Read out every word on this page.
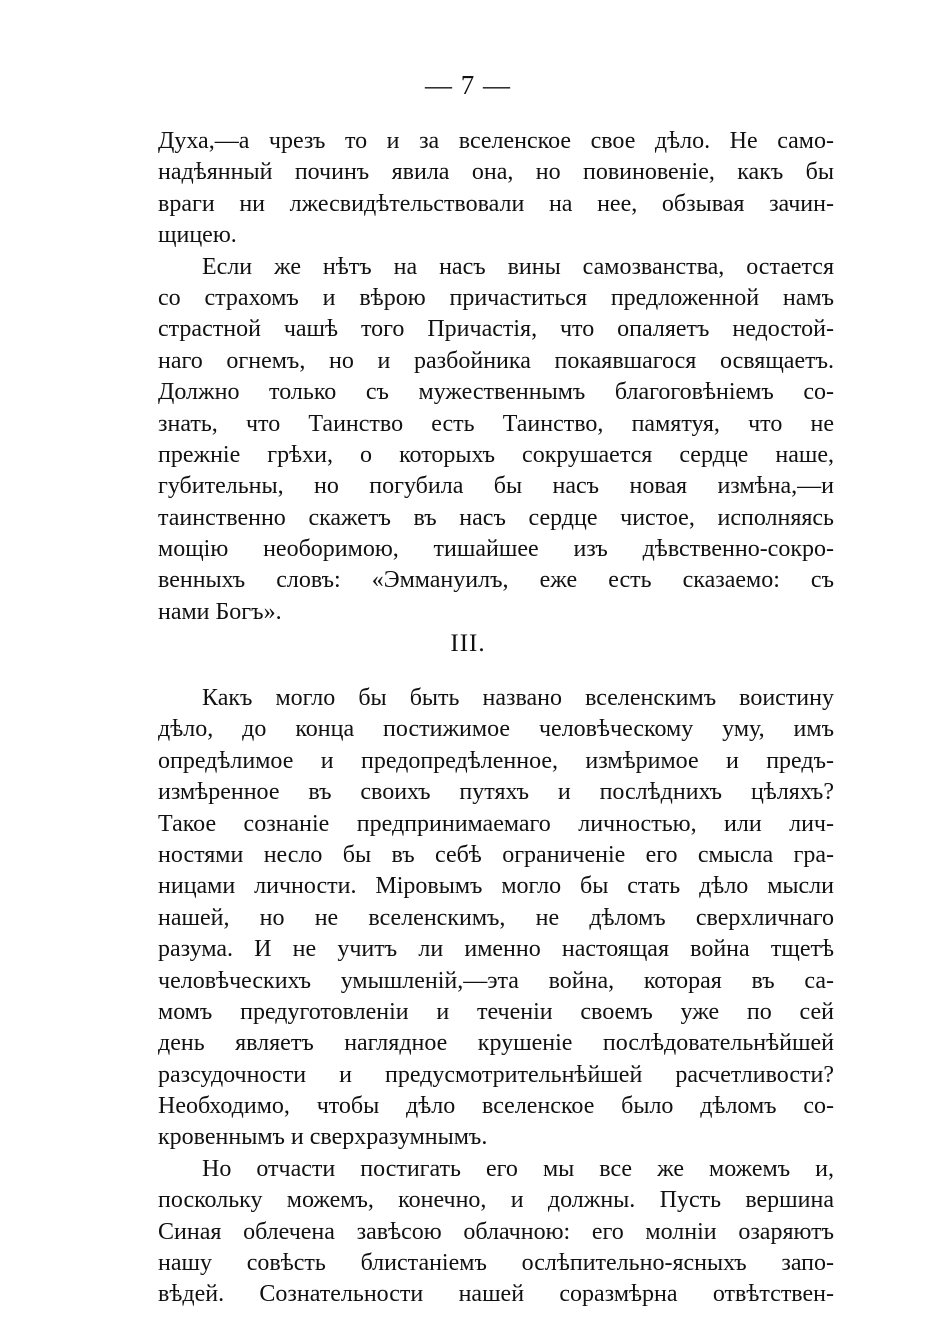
— 7 —
Духа,—а чрезъ то и за вселенское свое дѣло. Не само-
надѣянный починъ явила она, но повиновеніе, какъ бы
враги ни лжесвидѣтельствовали на нее, обзывая зачин-
щицею.
Если же нѣтъ на насъ вины самозванства, остается
со страхомъ и вѣрою причаститься предложенной намъ
страстной чашѣ того Причастія, что опаляетъ недостой-
наго огнемъ, но и разбойника покаявшагося освящаетъ.
Должно только съ мужественнымъ благоговѣніемъ со-
знать, что Таинство есть Таинство, памятуя, что не
прежніе грѣхи, о которыхъ сокрушается сердце наше,
губительны, но погубила бы насъ новая измѣна,—и
таинственно скажетъ въ насъ сердце чистое, исполняясь
мощію необоримою, тишайшее изъ дѣвственно-сокро-
венныхъ словъ: «Эммануилъ, еже есть сказаемо: съ
нами Богъ».
III.
Какъ могло бы быть названо вселенскимъ воистину
дѣло, до конца постижимое человѣческому уму, имъ
опредѣлимое и предопредѣленное, измѣримое и предъ-
измѣренное въ своихъ путяхъ и послѣднихъ цѣляхъ?
Такое сознаніе предпринимаемаго личностью, или лич-
ностями несло бы въ себѣ ограниченіе его смысла гра-
ницами личности. Міровымъ могло бы стать дѣло мысли
нашей, но не вселенскимъ, не дѣломъ сверхличнаго
разума. И не учитъ ли именно настоящая война тщетѣ
человѣческихъ умышленій,—эта война, которая въ са-
момъ предуготовленіи и теченіи своемъ уже по сей
день являетъ наглядное крушеніе послѣдовательнѣйшей
разсудочности и предусмотрительнѣйшей расчетливости?
Необходимо, чтобы дѣло вселенское было дѣломъ со-
кровеннымъ и сверхразумнымъ.
Но отчасти постигать его мы все же можемъ и,
поскольку можемъ, конечно, и должны. Пусть вершина
Синая облечена завѣсою облачною: его молніи озаряютъ
нашу совѣсть блистаніемъ ослѣпительно-ясныхъ запо-
вѣдей. Сознательности нашей соразмѣрна отвѣтствен-
